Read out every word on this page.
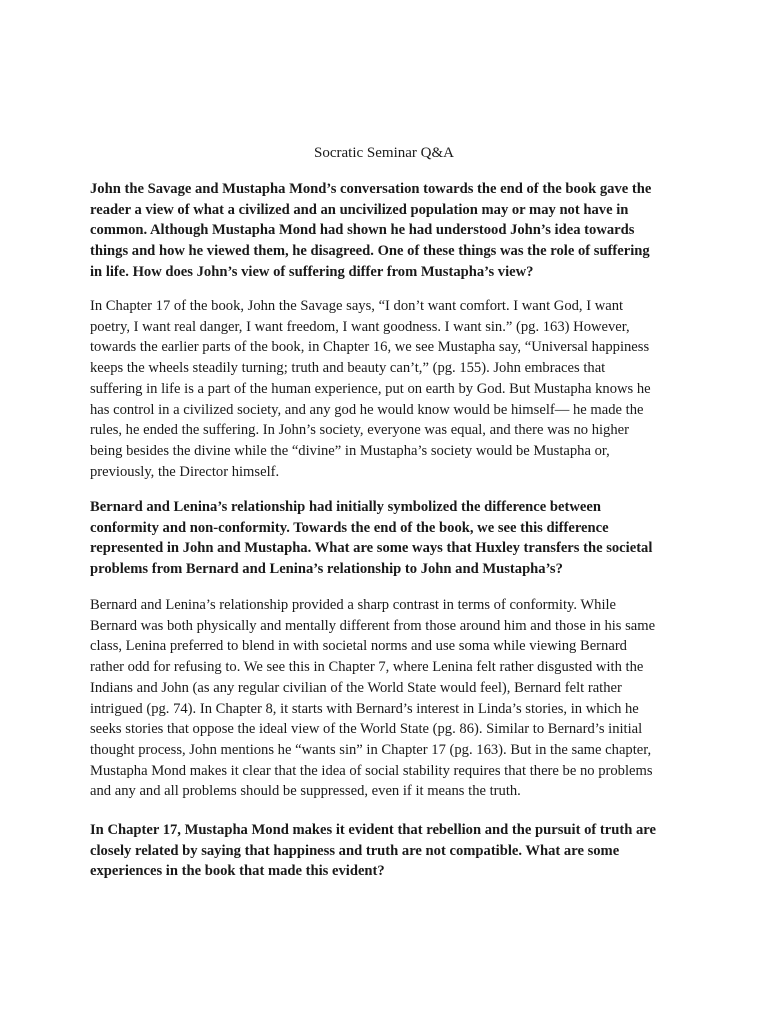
Socratic Seminar Q&A

John the Savage and Mustapha Mond’s conversation towards the end of the book gave the
reader a view of what a civilized and an uncivilized population may or may not have in
common. Although Mustapha Mond had shown he had understood John’s idea towards
things and how he viewed them, he disagreed. One of these things was the role of suffering
in life. How does John’s view of suffering differ from Mustapha’s view?

In Chapter 17 of the book, John the Savage says, “I don’t want comfort. I want God, I want
poetry, I want real danger, I want freedom, I want goodness. I want sin.” (pg. 163) However,
towards the earlier parts of the book, in Chapter 16, we see Mustapha say, “Universal happiness
keeps the wheels steadily turning; truth and beauty can’t,” (pg. 155). John embraces that
suffering in life is a part of the human experience, put on earth by God. But Mustapha knows he
has control in a civilized society, and any god he would know would be himself— he made the
rules, he ended the suffering. In John’s society, everyone was equal, and there was no higher
being besides the divine while the “divine” in Mustapha’s society would be Mustapha or,
previously, the Director himself.

Bernard and Lenina’s relationship had initially symbolized the difference between
conformity and non-conformity. Towards the end of the book, we see this difference
represented in John and Mustapha. What are some ways that Huxley transfers the societal
problems from Bernard and Lenina’s relationship to John and Mustapha’s?

Bernard and Lenina’s relationship provided a sharp contrast in terms of conformity. While
Bernard was both physically and mentally different from those around him and those in his same
class, Lenina preferred to blend in with societal norms and use soma while viewing Bernard
rather odd for refusing to. We see this in Chapter 7, where Lenina felt rather disgusted with the
Indians and John (as any regular civilian of the World State would feel), Bernard felt rather
intrigued (pg. 74). In Chapter 8, it starts with Bernard’s interest in Linda’s stories, in which he
seeks stories that oppose the ideal view of the World State (pg. 86). Similar to Bernard’s initial
thought process, John mentions he “wants sin” in Chapter 17 (pg. 163). But in the same chapter,
Mustapha Mond makes it clear that the idea of social stability requires that there be no problems
and any and all problems should be suppressed, even if it means the truth.

In Chapter 17, Mustapha Mond makes it evident that rebellion and the pursuit of truth are
closely related by saying that happiness and truth are not compatible. What are some
experiences in the book that made this evident?
